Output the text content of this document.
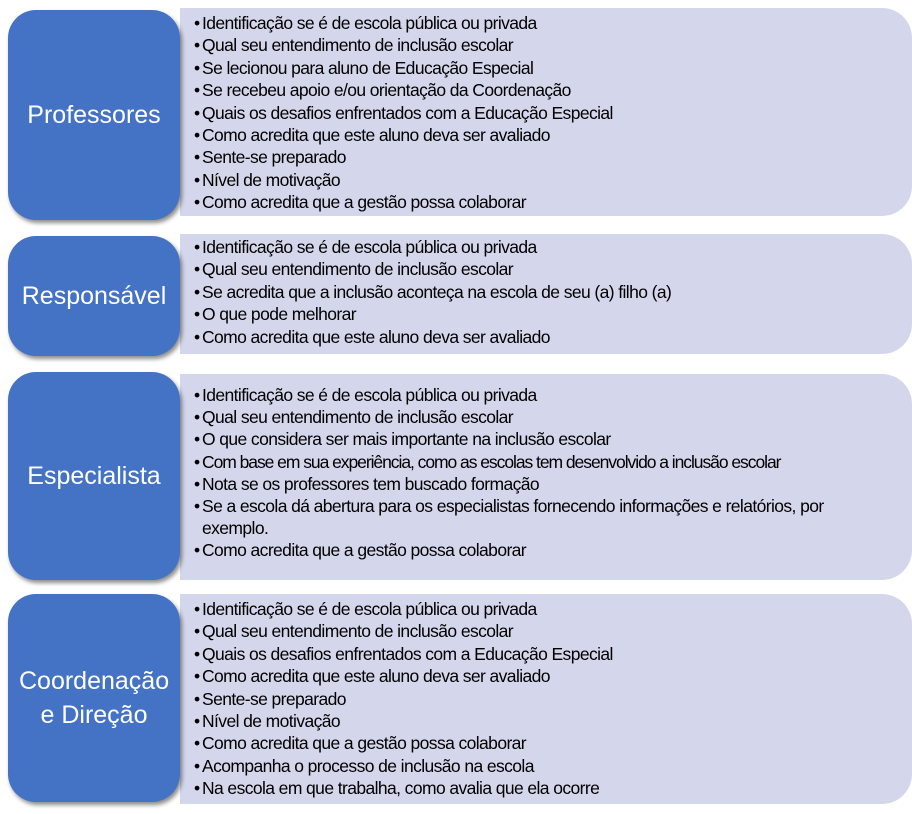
Professores
• Identificação se é de escola pública ou privada
• Qual seu entendimento de inclusão escolar
• Se lecionou para aluno de Educação Especial
• Se recebeu apoio e/ou orientação da Coordenação
• Quais os desafios enfrentados com a Educação Especial
• Como acredita que este aluno deva ser avaliado
• Sente-se preparado
• Nível de motivação
• Como acredita que a gestão possa colaborar
Responsável
• Identificação se é de escola pública ou privada
• Qual seu entendimento de inclusão escolar
• Se acredita que a inclusão aconteça na escola de seu (a) filho (a)
• O que pode melhorar
• Como acredita que este aluno deva ser avaliado
Especialista
• Identificação se é de escola pública ou privada
• Qual seu entendimento de inclusão escolar
• O que considera ser mais importante na inclusão escolar
• Com base em sua experiência, como as escolas tem desenvolvido a inclusão escolar
• Nota se os professores tem buscado formação
• Se a escola dá abertura para os especialistas fornecendo informações e relatórios, por exemplo.
• Como acredita que a gestão possa colaborar
Coordenação e Direção
• Identificação se é de escola pública ou privada
• Qual seu entendimento de inclusão escolar
• Quais os desafios enfrentados com a Educação Especial
• Como acredita que este aluno deva ser avaliado
• Sente-se preparado
• Nível de motivação
• Como acredita que a gestão possa colaborar
• Acompanha o processo de inclusão na escola
• Na escola em que trabalha, como avalia que ela ocorre
